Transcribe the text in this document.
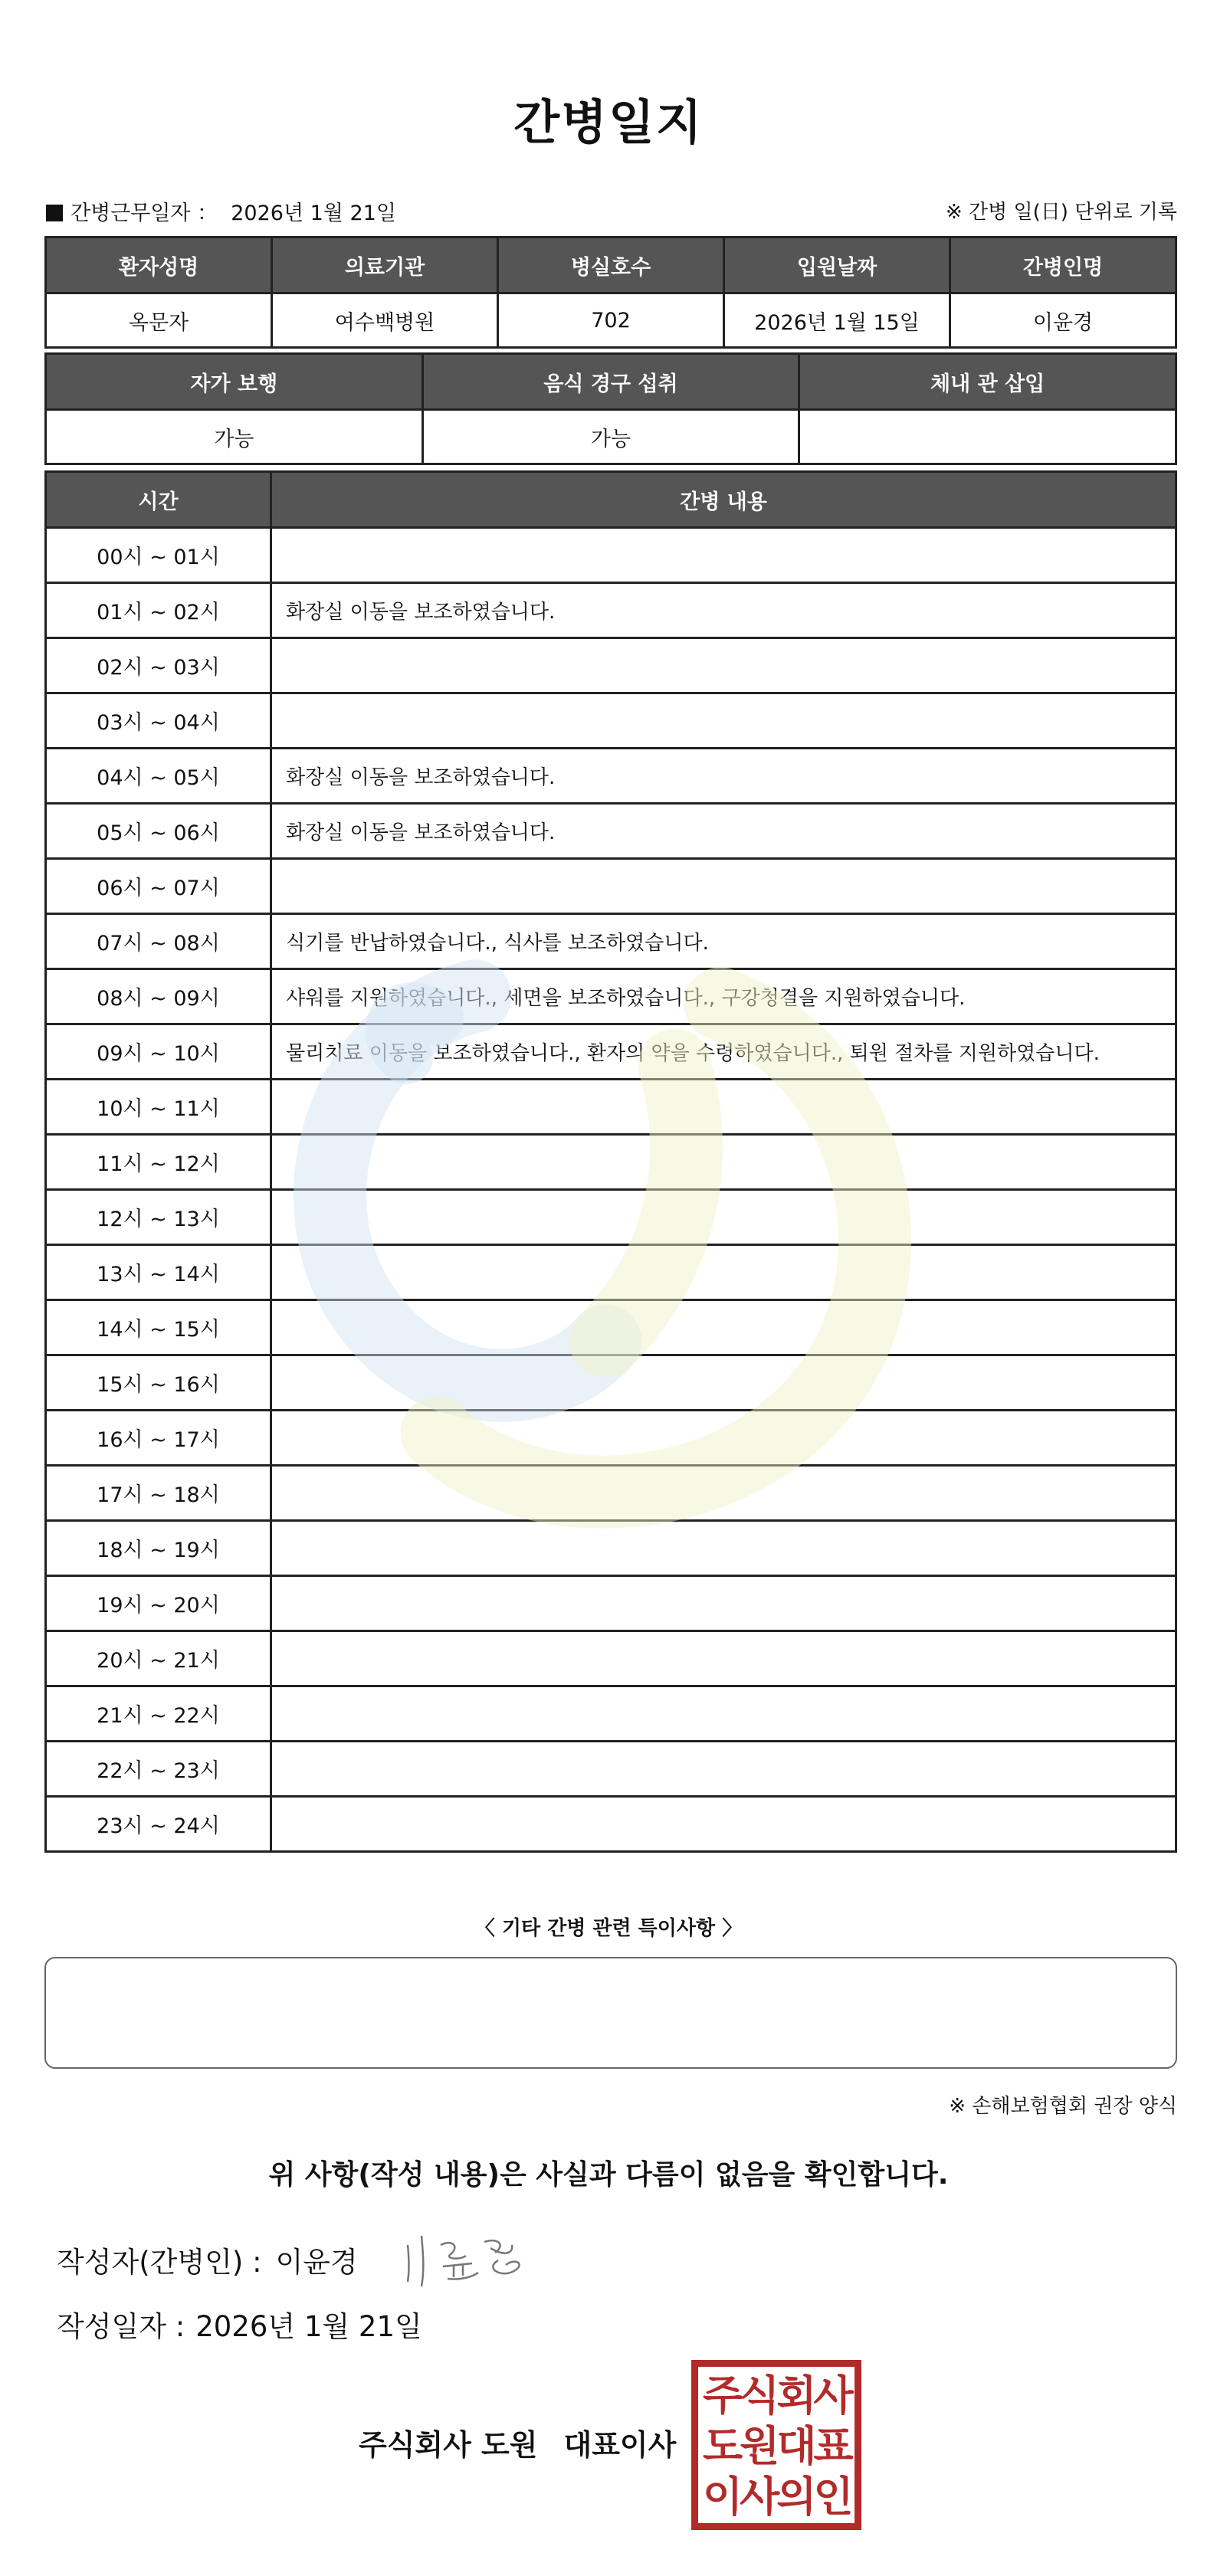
간병일지
간병근무일자 ： 2026년 1월 21일	※ 간병 일(日) 단위로 기록
환자성명	의료기관	병실호수	입원날짜	간병인명
옥문자	여수백병원	702	2026년 1월 15일	이윤경
자가 보행	음식 경구 섭취	체내 관 삽입
가능	가능	
시간	간병 내용
00시 ~ 01시	
01시 ~ 02시	화장실 이동을 보조하였습니다.
02시 ~ 03시	
03시 ~ 04시	
04시 ~ 05시	화장실 이동을 보조하였습니다.
05시 ~ 06시	화장실 이동을 보조하였습니다.
06시 ~ 07시	
07시 ~ 08시	식기를 반납하였습니다., 식사를 보조하였습니다.
08시 ~ 09시	샤워를 지원하였습니다., 세면을 보조하였습니다., 구강청결을 지원하였습니다.
09시 ~ 10시	물리치료 이동을 보조하였습니다., 환자의 약을 수령하였습니다., 퇴원 절차를 지원하였습니다.
10시 ~ 11시	
11시 ~ 12시	
12시 ~ 13시	
13시 ~ 14시	
14시 ~ 15시	
15시 ~ 16시	
16시 ~ 17시	
17시 ~ 18시	
18시 ~ 19시	
19시 ~ 20시	
20시 ~ 21시	
21시 ~ 22시	
22시 ~ 23시	
23시 ~ 24시	
〈 기타 간병 관련 특이사항 〉
※ 손해보험협회 권장 양식
위 사항(작성 내용)은 사실과 다름이 없음을 확인합니다.
작성자(간병인) : 이윤경
작성일자 : 2026년 1월 21일
주식회사 도원 대표이사
주식회사
도원대표
이사의인
